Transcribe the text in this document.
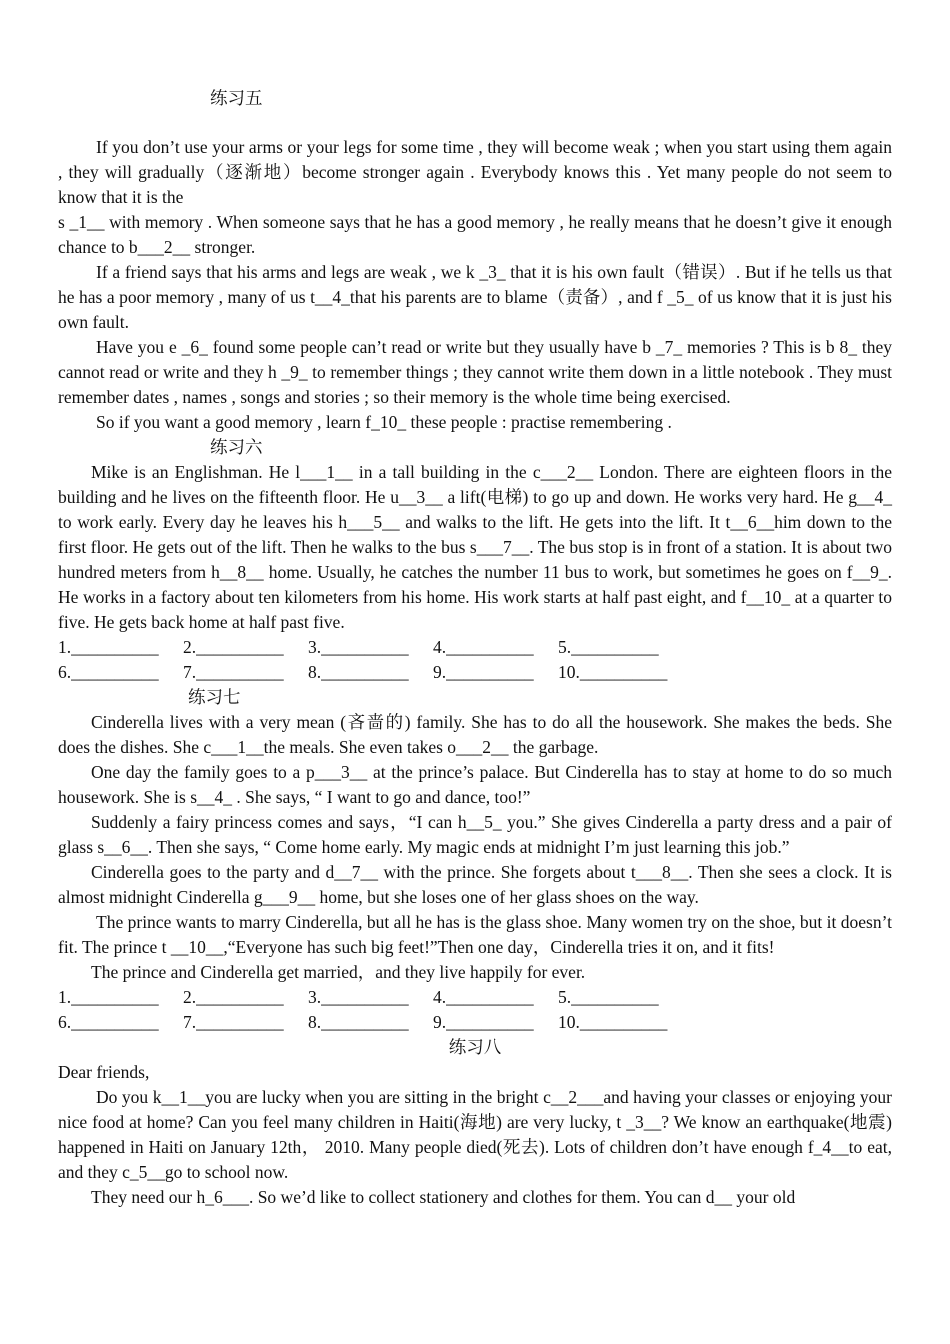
练习五

If you don’t use your arms or your legs for some time , they will become weak ; when you start using them again , they will gradually（逐渐地）become stronger again . Everybody knows this . Yet many people do not seem to know that it is the

s _1__ with memory . When someone says that he has a good memory , he really means that he doesn’t give it enough chance to b___2__ stronger.

If a friend says that his arms and legs are weak , we k _3_ that it is his own fault（错误）. But if he tells us that he has a poor memory , many of us t__4_that his parents are to blame（责备）, and f _5_ of us know that it is just his own fault.

Have you e _6_ found some people can’t read or write but they usually have b _7_ memories ? This is b 8_ they cannot read or write and they h _9_ to remember things ; they cannot write them down in a little notebook . They must remember dates , names , songs and stories ; so their memory is the whole time being exercised.

So if you want a good memory , learn f_10_ these people : practise remembering .

练习六

Mike is an Englishman. He l___1__ in a tall building in the c___2__ London. There are eighteen floors in the building and he lives on the fifteenth floor. He u__3__ a lift(电梯) to go up and down. He works very hard. He g__4_ to work early. Every day he leaves his h___5__ and walks to the lift. He gets into the lift. It t__6__him down to the first floor. He gets out of the lift. Then he walks to the bus s___7__. The bus stop is in front of a station. It is about two hundred meters from h__8__ home. Usually, he catches the number 11 bus to work, but sometimes he goes on f__9_. He works in a factory about ten kilometers from his home. His work starts at half past eight, and f__10_ at a quarter to five. He gets back home at half past five.

1.__________ 2.__________ 3.__________ 4.__________ 5.__________
6.__________ 7.__________ 8.__________ 9.__________ 10.__________
练习七

Cinderella lives with a very mean (吝啬的) family. She has to do all the housework. She makes the beds. She does the dishes. She c___1__the meals. She even takes o___2__ the garbage.

One day the family goes to a p___3__ at the prince’s palace. But Cinderella has to stay at home to do so much housework. She is s__4_ . She says, “ I want to go and dance, too!”

Suddenly a fairy princess comes and says，“I can h__5_ you.” She gives Cinderella a party dress and a pair of glass s__6__. Then she says, “ Come home early. My magic ends at midnight I’m just learning this job.”

Cinderella goes to the party and d__7__ with the prince. She forgets about t___8__. Then she sees a clock. It is almost midnight Cinderella g___9__ home, but she loses one of her glass shoes on the way.

The prince wants to marry Cinderella, but all he has is the glass shoe. Many women try on the shoe, but it doesn’t fit. The prince t __10__,“Everyone has such big feet!”Then one day，Cinderella tries it on, and it fits!

The prince and Cinderella get married，and they live happily for ever.

1.__________ 2.__________ 3.__________ 4.__________ 5.__________
6.__________ 7.__________ 8.__________ 9.__________ 10.__________
练习八
Dear friends,

Do you k__1__you are lucky when you are sitting in the bright c__2___and having your classes or enjoying your nice food at home? Can you feel many children in Haiti(海地) are very lucky, t _3__? We know an earthquake(地震) happened in Haiti on January 12th， 2010. Many people died(死去). Lots of children don’t have enough f_4__to eat, and they c_5__go to school now.

They need our h_6___. So we’d like to collect stationery and clothes for them. You can d__ your old
